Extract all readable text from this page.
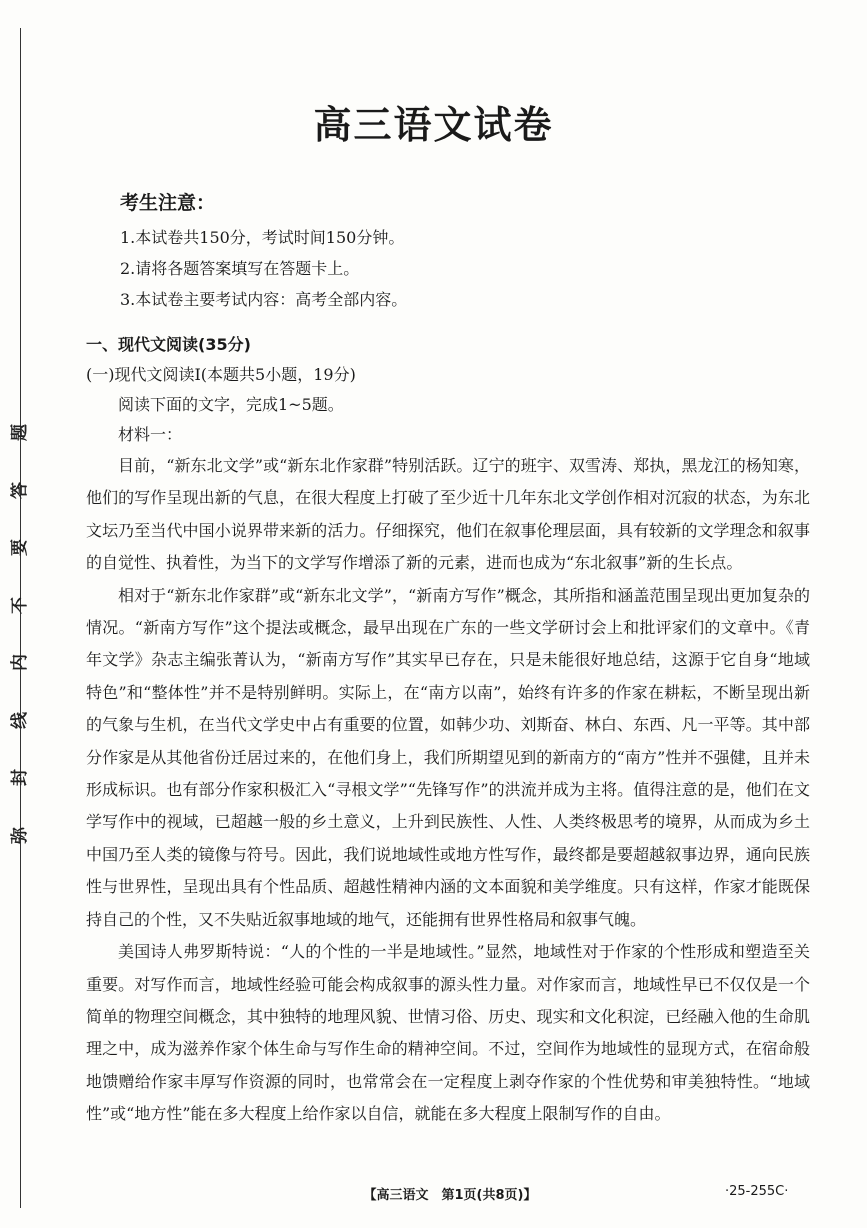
弥
封
线
内
不
要
答
题
高三语文试卷
考生注意：
1.本试卷共150分，考试时间150分钟。
2.请将各题答案填写在答题卡上。
3.本试卷主要考试内容：高考全部内容。
一、现代文阅读(35分)
(一)现代文阅读Ⅰ(本题共5小题，19分)
阅读下面的文字，完成1~5题。
材料一：

目前，“新东北文学”或“新东北作家群”特别活跃。辽宁的班宇、双雪涛、郑执，黑龙江的杨知寒，他们的写作呈现出新的气息，在很大程度上打破了至少近十几年东北文学创作相对沉寂的状态，为东北文坛乃至当代中国小说界带来新的活力。仔细探究，他们在叙事伦理层面，具有较新的文学理念和叙事的自觉性、执着性，为当下的文学写作增添了新的元素，进而也成为“东北叙事”新的生长点。

相对于“新东北作家群”或“新东北文学”，“新南方写作”概念，其所指和涵盖范围呈现出更加复杂的情况。“新南方写作”这个提法或概念，最早出现在广东的一些文学研讨会上和批评家们的文章中。《青年文学》杂志主编张菁认为，“新南方写作”其实早已存在，只是未能很好地总结，这源于它自身“地域特色”和“整体性”并不是特别鲜明。实际上，在“南方以南”，始终有许多的作家在耕耘，不断呈现出新的气象与生机，在当代文学史中占有重要的位置，如韩少功、刘斯奋、林白、东西、凡一平等。其中部分作家是从其他省份迁居过来的，在他们身上，我们所期望见到的新南方的“南方”性并不强健，且并未形成标识。也有部分作家积极汇入“寻根文学”“先锋写作”的洪流并成为主将。值得注意的是，他们在文学写作中的视域，已超越一般的乡土意义，上升到民族性、人性、人类终极思考的境界，从而成为乡土中国乃至人类的镜像与符号。因此，我们说地域性或地方性写作，最终都是要超越叙事边界，通向民族性与世界性，呈现出具有个性品质、超越性精神内涵的文本面貌和美学维度。只有这样，作家才能既保持自己的个性，又不失贴近叙事地域的地气，还能拥有世界性格局和叙事气魄。

美国诗人弗罗斯特说：“人的个性的一半是地域性。”显然，地域性对于作家的个性形成和塑造至关重要。对写作而言，地域性经验可能会构成叙事的源头性力量。对作家而言，地域性早已不仅仅是一个简单的物理空间概念，其中独特的地理风貌、世情习俗、历史、现实和文化积淀，已经融入他的生命肌理之中，成为滋养作家个体生命与写作生命的精神空间。不过，空间作为地域性的显现方式，在宿命般地馈赠给作家丰厚写作资源的同时，也常常会在一定程度上剥夺作家的个性优势和审美独特性。“地域性”或“地方性”能在多大程度上给作家以自信，就能在多大程度上限制写作的自由。

【高三语文　第1页(共8页)】	·25-255C·
